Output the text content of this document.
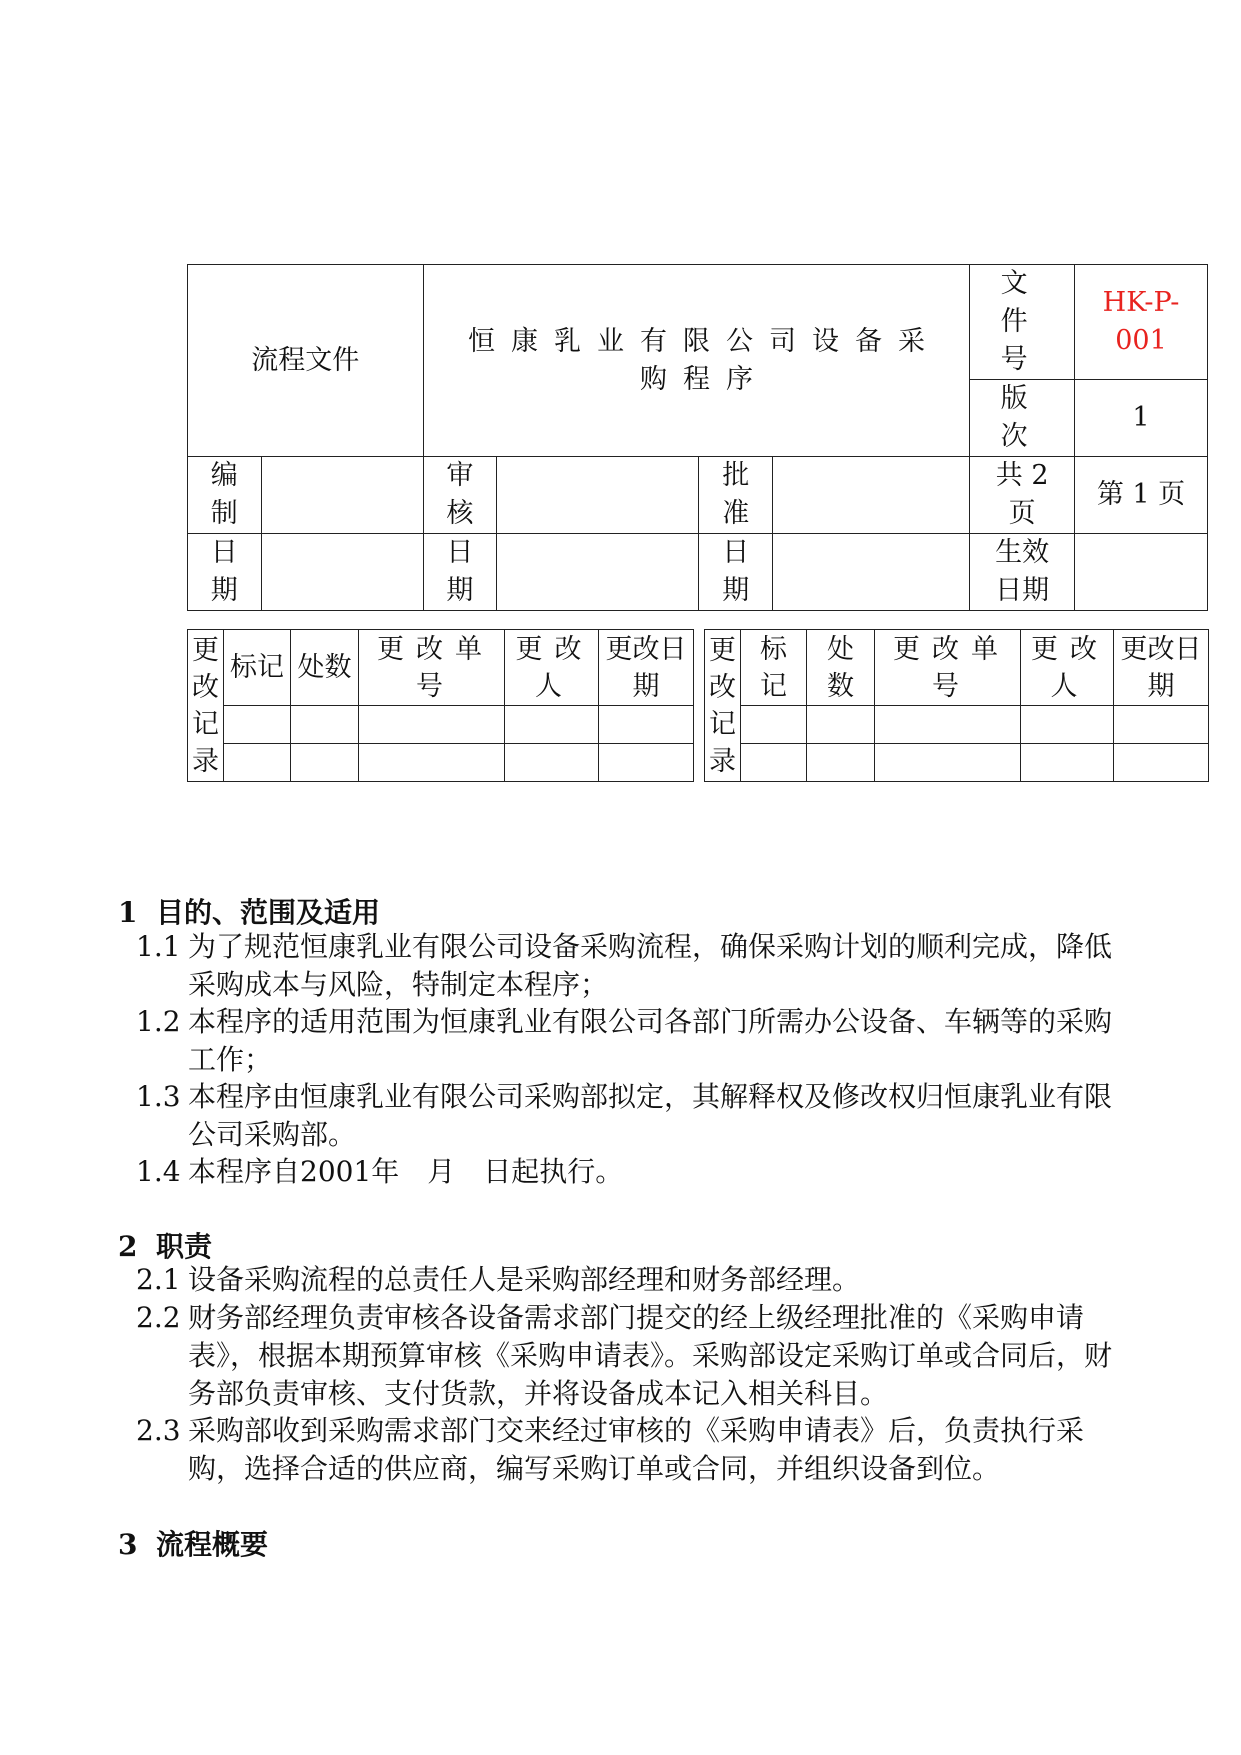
流程文件		恒康乳业有限公司设备采购程序				文件号	HK-P-001
						版次	1
编制		审核		批准		共 2 页	第 1 页
日期		日期		日期		生效日期	
更改记录	标记	处数	更改单号	更改人	更改日期

更改记录	标记	处数	更改单号	更改人	更改日期

1 目的、范围及适用
1.1 为了规范恒康乳业有限公司设备采购流程，确保采购计划的顺利完成，降低采购成本与风险，特制定本程序；
1.2 本程序的适用范围为恒康乳业有限公司各部门所需办公设备、车辆等的采购工作；
1.3 本程序由恒康乳业有限公司采购部拟定，其解释权及修改权归恒康乳业有限公司采购部。
1.4 本程序自2001年　月　日起执行。
2 职责
2.1 设备采购流程的总责任人是采购部经理和财务部经理。
2.2 财务部经理负责审核各设备需求部门提交的经上级经理批准的《采购申请表》，根据本期预算审核《采购申请表》。采购部设定采购订单或合同后，财务部负责审核、支付货款，并将设备成本记入相关科目。
2.3 采购部收到采购需求部门交来经过审核的《采购申请表》后，负责执行采购，选择合适的供应商，编写采购订单或合同，并组织设备到位。
3 流程概要
